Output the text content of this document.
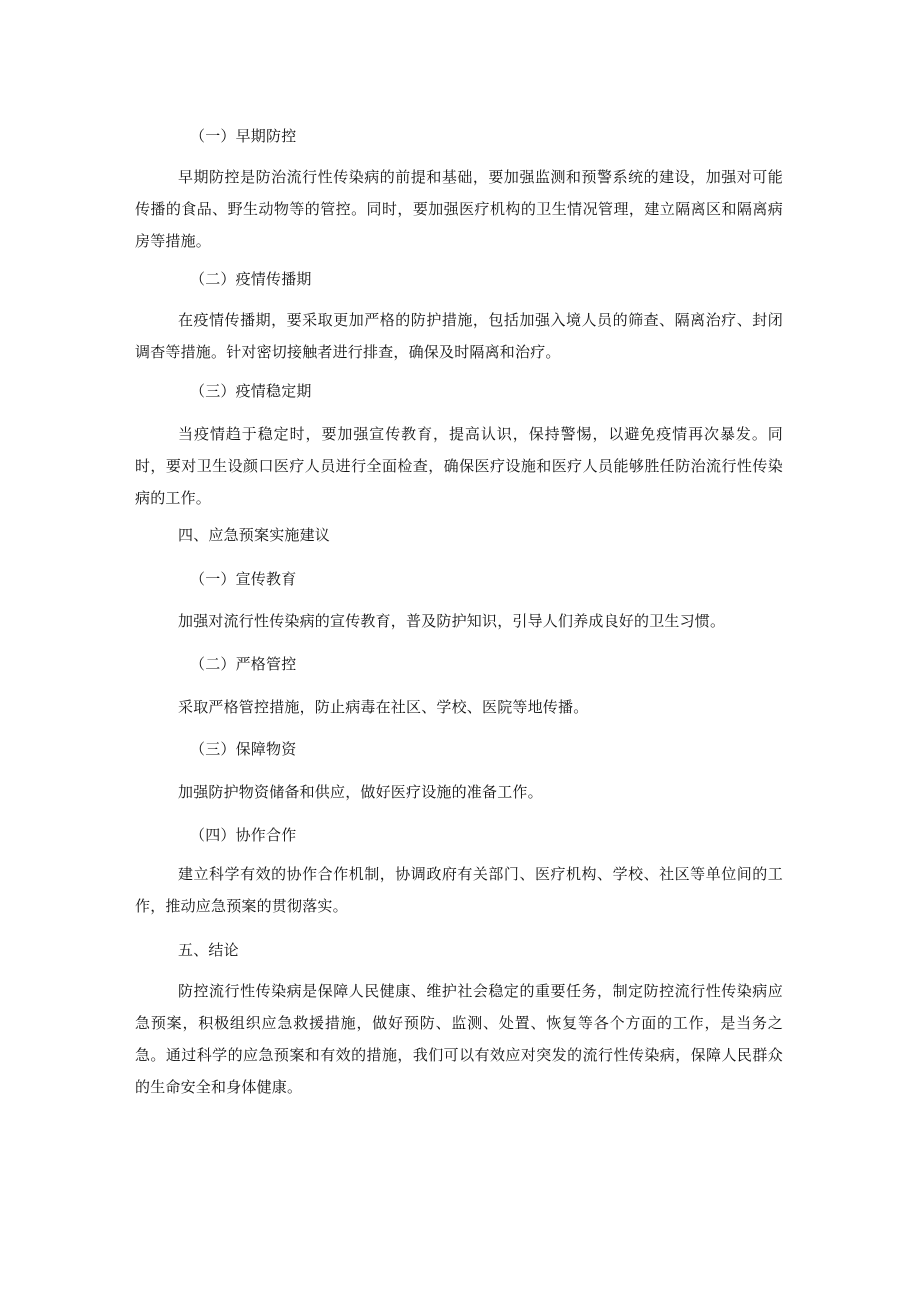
（一）早期防控

早期防控是防治流行性传染病的前提和基础，要加强监测和预警系统的建设，加强对可能传播的食品、野生动物等的管控。同时，要加强医疗机构的卫生情况管理，建立隔离区和隔离病房等措施。

（二）疫情传播期

在疫情传播期，要采取更加严格的防护措施，包括加强入境人员的筛查、隔离治疗、封闭调杳等措施。针对密切接触者进行排查，确保及时隔离和治疗。

（三）疫情稳定期

当疫情趋于稳定时，要加强宣传教育，提高认识，保持警惕，以避免疫情再次暴发。同时，要对卫生设颜口医疗人员进行全面检查，确保医疗设施和医疗人员能够胜任防治流行性传染病的工作。

四、应急预案实施建议
（一）宣传教育
加强对流行性传染病的宣传教育，普及防护知识，引导人们养成良好的卫生习惯。
（二）严格管控
采取严格管控措施，防止病毒在社区、学校、医院等地传播。
（三）保障物资
加强防护物资储备和供应，做好医疗设施的准备工作。
（四）协作合作

建立科学有效的协作合作机制，协调政府有关部门、医疗机构、学校、社区等单位间的工作，推动应急预案的贯彻落实。

五、结论

防控流行性传染病是保障人民健康、维护社会稳定的重要任务，制定防控流行性传染病应急预案，积极组织应急救援措施，做好预防、监测、处置、恢复等各个方面的工作，是当务之急。通过科学的应急预案和有效的措施，我们可以有效应对突发的流行性传染病，保障人民群众的生命安全和身体健康。
